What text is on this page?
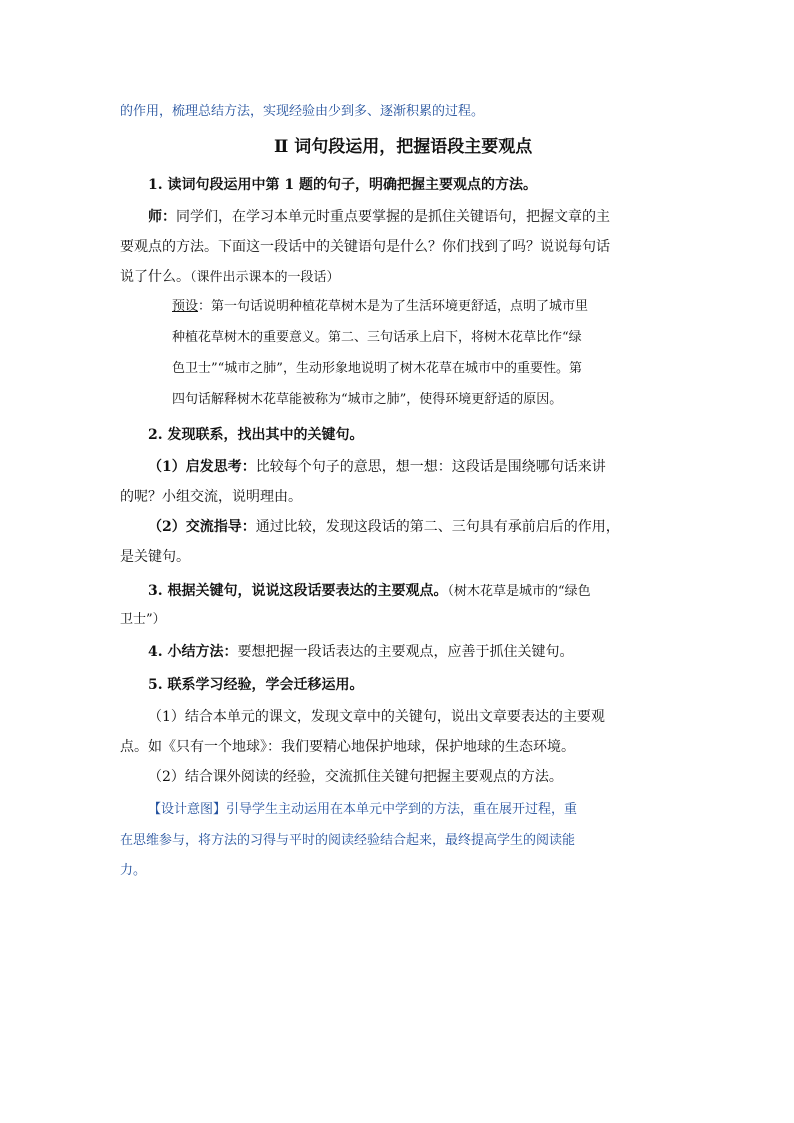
的作用，梳理总结方法，实现经验由少到多、逐渐积累的过程。
Ⅱ 词句段运用，把握语段主要观点
1. 读词句段运用中第 1 题的句子，明确把握主要观点的方法。
师：同学们，在学习本单元时重点要掌握的是抓住关键语句，把握文章的主
要观点的方法。下面这一段话中的关键语句是什么？你们找到了吗？说说每句话
说了什么。（课件出示课本的一段话）
预设：第一句话说明种植花草树木是为了生活环境更舒适，点明了城市里
种植花草树木的重要意义。第二、三句话承上启下，将树木花草比作“绿
色卫士”“城市之肺”，生动形象地说明了树木花草在城市中的重要性。第
四句话解释树木花草能被称为“城市之肺”，使得环境更舒适的原因。
2. 发现联系，找出其中的关键句。
（1）启发思考：比较每个句子的意思，想一想：这段话是围绕哪句话来讲
的呢？小组交流，说明理由。
（2）交流指导：通过比较，发现这段话的第二、三句具有承前启后的作用，
是关键句。
3. 根据关键句，说说这段话要表达的主要观点。（树木花草是城市的“绿色
卫士”）
4. 小结方法：要想把握一段话表达的主要观点，应善于抓住关键句。
5. 联系学习经验，学会迁移运用。
（1）结合本单元的课文，发现文章中的关键句，说出文章要表达的主要观
点。如《只有一个地球》：我们要精心地保护地球，保护地球的生态环境。
（2）结合课外阅读的经验，交流抓住关键句把握主要观点的方法。
【设计意图】引导学生主动运用在本单元中学到的方法，重在展开过程，重
在思维参与，将方法的习得与平时的阅读经验结合起来，最终提高学生的阅读能
力。
